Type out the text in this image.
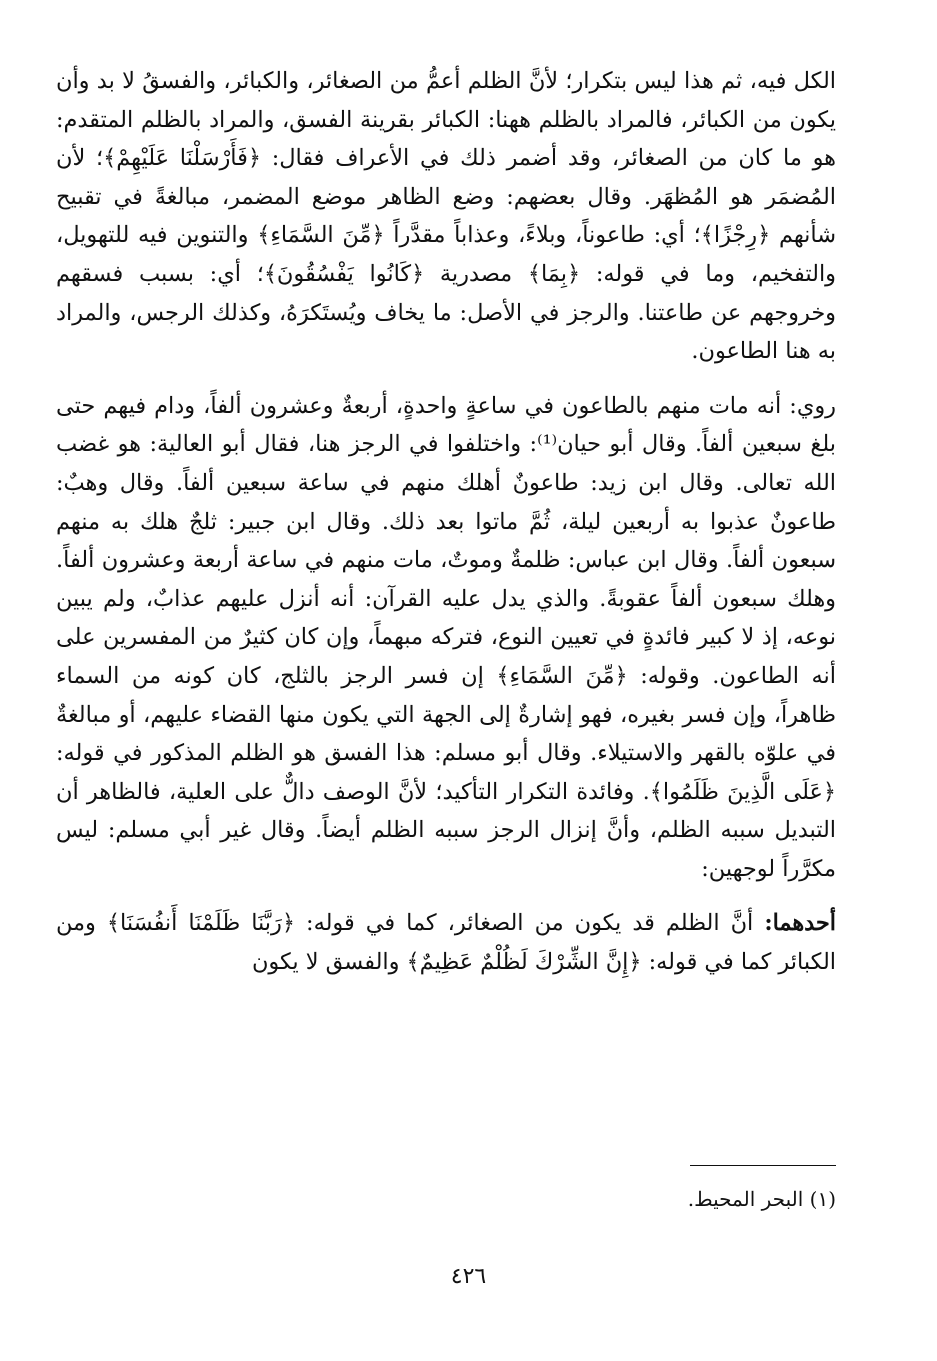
الكل فيه، ثم هذا ليس بتكرار؛ لأنَّ الظلم أعمُّ من الصغائر، والكبائر، والفسقُ لا بد وأن يكون من الكبائر، فالمراد بالظلم ههنا: الكبائر بقرينة الفسق، والمراد بالظلم المتقدم: هو ما كان من الصغائر، وقد أضمر ذلك في الأعراف فقال: ﴿فَأَرْسَلْنَا عَلَيْهِمْ﴾؛ لأن المُضمَر هو المُظهَر. وقال بعضهم: وضع الظاهر موضع المضمر، مبالغةً في تقبيح شأنهم ﴿رِجْزًا﴾؛ أي: طاعوناً، وبلاءً، وعذاباً مقدَّراً ﴿مِّنَ السَّمَاءِ﴾ والتنوين فيه للتهويل، والتفخيم، وما في قوله: ﴿بِمَا﴾ مصدرية ﴿كَانُوا يَفْسُقُونَ﴾؛ أي: بسبب فسقهم وخروجهم عن طاعتنا. والرجز في الأصل: ما يخاف ويُستَكرَهُ، وكذلك الرجس، والمراد به هنا الطاعون.

روي: أنه مات منهم بالطاعون في ساعةٍ واحدةٍ، أربعةٌ وعشرون ألفاً، ودام فيهم حتى بلغ سبعين ألفاً. وقال أبو حيان⁽¹⁾: واختلفوا في الرجز هنا، فقال أبو العالية: هو غضب الله تعالى. وقال ابن زيد: طاعونٌ أهلك منهم في ساعة سبعين ألفاً. وقال وهبٌ: طاعونٌ عذبوا به أربعين ليلة، ثُمَّ ماتوا بعد ذلك. وقال ابن جبير: ثلجٌ هلك به منهم سبعون ألفاً. وقال ابن عباس: ظلمةٌ وموتٌ، مات منهم في ساعة أربعة وعشرون ألفاً. وهلك سبعون ألفاً عقوبةً. والذي يدل عليه القرآن: أنه أنزل عليهم عذابٌ، ولم يبين نوعه، إذ لا كبير فائدةٍ في تعيين النوع، فتركه مبهماً، وإن كان كثيرٌ من المفسرين على أنه الطاعون. وقوله: ﴿مِّنَ السَّمَاءِ﴾ إن فسر الرجز بالثلج، كان كونه من السماء ظاهراً، وإن فسر بغيره، فهو إشارةٌ إلى الجهة التي يكون منها القضاء عليهم، أو مبالغةٌ في علوّه بالقهر والاستيلاء. وقال أبو مسلم: هذا الفسق هو الظلم المذكور في قوله: ﴿عَلَى الَّذِينَ ظَلَمُوا﴾. وفائدة التكرار التأكيد؛ لأنَّ الوصف دالٌّ على العلية، فالظاهر أن التبديل سببه الظلم، وأنَّ إنزال الرجز سببه الظلم أيضاً. وقال غير أبي مسلم: ليس مكرَّراً لوجهين:

أحدهما: أنَّ الظلم قد يكون من الصغائر، كما في قوله: ﴿رَبَّنَا ظَلَمْنَا أَنفُسَنَا﴾ ومن الكبائر كما في قوله: ﴿إِنَّ الشِّرْكَ لَظُلْمٌ عَظِيمٌ﴾ والفسق لا يكون

(١) البحر المحيط.
٤٢٦
